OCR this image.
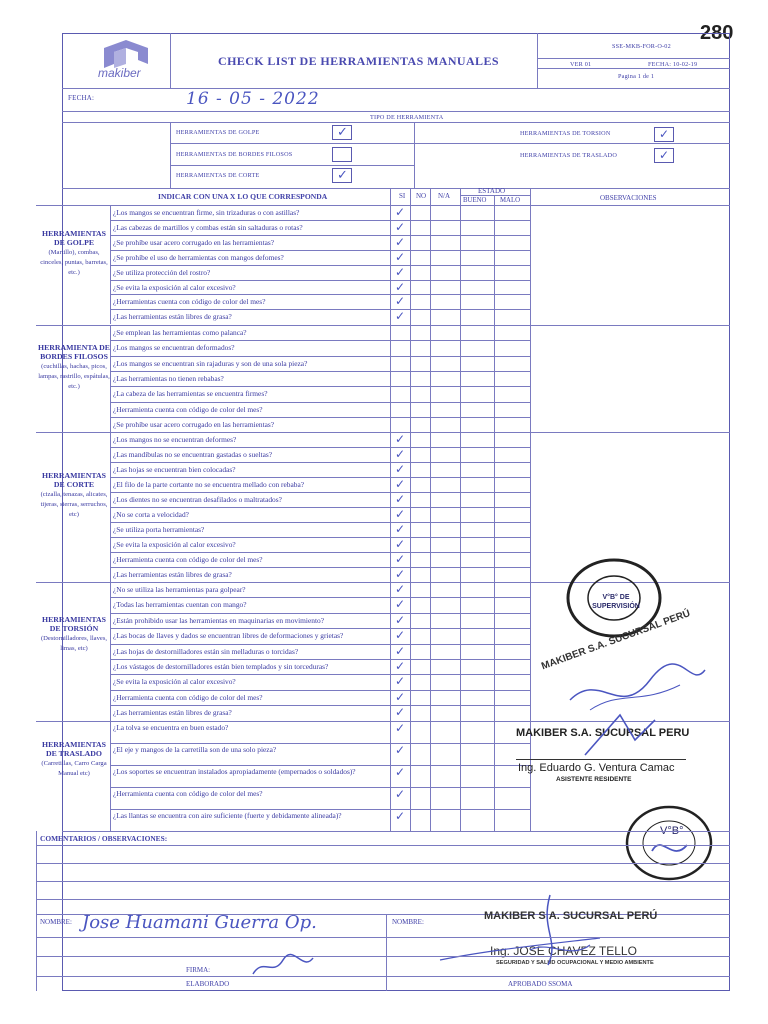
280
makiber
CHECK LIST DE HERRAMIENTAS MANUALES
SSE-MKB-FOR-O-02
VER 01	FECHA: 10-02-19
Pagina 1 de 1
FECHA:	16 - 05 - 2022
TIPO DE HERRAMIENTA
HERRAMIENTAS DE GOLPE	✓
HERRAMIENTAS DE BORDES FILOSOS
HERRAMIENTAS DE CORTE	✓
HERRAMIENTAS DE TORSION	✓
HERRAMIENTAS DE TRASLADO	✓
INDICAR CON UNA X LO QUE CORRESPONDA	SI NO N/A
ESTADO
BUENO MALO	OBSERVACIONES
HERRAMIENTAS DE GOLPE
(Martillo), combas, cinceles, puntas, barretas, etc.)
¿Los mangos se encuentran firme, sin trizaduras o con astillas?	✓
¿Las cabezas de martillos y combas están sin saltaduras o rotas?	✓
¿Se prohíbe usar acero corrugado en las herramientas?	✓
¿Se prohíbe el uso de herramientas con mangos defomes?	✓
¿Se utiliza protección del rostro?	✓
¿Se evita la exposición al calor excesivo?	✓
¿Herramientas cuenta con código de color del mes?	✓
¿Las herramientas están libres de grasa?	✓
HERRAMIENTA DE BORDES FILOSOS
(cuchillas, hachas, picos, lampas, rastrillo, espátulas, etc.)
¿Se emplean las herramientas como palanca?
¿Los mangos se encuentran deformados?
¿Los mangos se encuentran sin rajaduras y son de una sola pieza?
¿Las herramientas no tienen rebabas?
¿La cabeza de las herramientas se encuentra firmes?
¿Herramienta cuenta con código de color del mes?
¿Se prohíbe usar acero corrugado en las herramientas?
HERRAMIENTAS DE CORTE
(cizalla, tenazas, alicates, tijeras, sierras, serruchos, etc)
¿Los mangos no se encuentran deformes?	✓
¿Las mandíbulas no se encuentran gastadas o sueltas?	✓
¿Las hojas se encuentran bien colocadas?	✓
¿El filo de la parte cortante no se encuentra mellado con rebaba?	✓
¿Los dientes no se encuentran desafilados o maltratados?	✓
¿No se corta a velocidad?	✓
¿Se utiliza porta herramientas?	✓
¿Se evita la exposición al calor excesivo?	✓
¿Herramienta cuenta con código de color del mes?	✓
¿Las herramientas están libres de grasa?	✓
HERRAMIENTAS DE TORSIÓN
(Destornilladores, llaves, limas, etc)
¿No se utiliza las herramientas para golpear?	✓
¿Todas las herramientas cuentan con mango?	✓
¿Están prohibido usar las herramientas en maquinarias en movimiento?	✓
¿Las bocas de llaves y dados se encuentran libres de deformaciones y grietas?	✓
¿Las hojas de destornilladores están sin melladuras o torcidas?	✓
¿Los vástagos de destornilladores están bien templados y sin torceduras?	✓
¿Se evita la exposición al calor excesivo?	✓
¿Herramienta cuenta con código de color del mes?	✓
¿Las herramientas están libres de grasa?	✓
HERRAMIENTAS DE TRASLADO
(Carretillas, Carro Carga Manual etc)
¿La tolva se encuentra en buen estado?	✓
¿El eje y mangos de la carretilla son de una solo pieza?	✓
¿Los soportes se encuentran instalados apropiadamente (empernados o soldados)?	✓
¿Herramienta cuenta con código de color del mes?	✓
¿Las llantas se encuentra con aire suficiente (fuerte y debidamente alineada)?	✓
V°B° DE SUPERVISIÓN
MAKIBER S.A. SUCURSAL PERÚ
MAKIBER S.A. SUCURSAL PERU
Ing. Eduardo G. Ventura Camac
ASISTENTE RESIDENTE
V°B°
COMENTARIOS / OBSERVACIONES:
NOMBRE: Jose Huamani Guerra Op.	NOMBRE:	MAKIBER S.A. SUCURSAL PERÚ
Ing. JOSE CHAVEZ TELLO
SEGURIDAD Y SALUD OCUPACIONAL Y MEDIO AMBIENTE
FIRMA:
ELABORADO	APROBADO SSOMA
